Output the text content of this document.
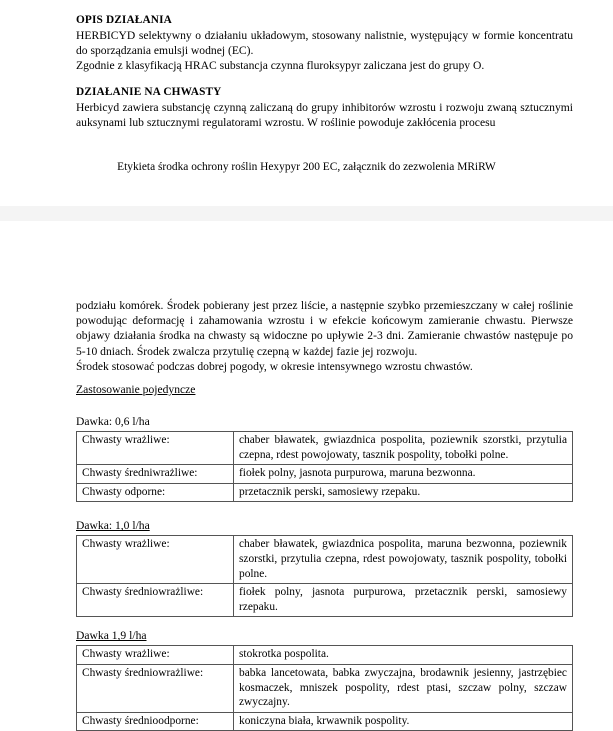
OPIS DZIAŁANIA

HERBICYD selektywny o działaniu układowym, stosowany nalistnie, występujący w formie koncentratu do sporządzania emulsji wodnej (EC).

Zgodnie z klasyfikacją HRAC substancja czynna fluroksypyr zaliczana jest do grupy O.

DZIAŁANIE NA CHWASTY

Herbicyd zawiera substancję czynną zaliczaną do grupy inhibitorów wzrostu i rozwoju zwaną sztucznymi auksynami lub sztucznymi regulatorami wzrostu. W roślinie powoduje zakłócenia procesu

Etykieta środka ochrony roślin Hexypyr 200 EC, załącznik do zezwolenia MRiRW

podziału komórek. Środek pobierany jest przez liście, a następnie szybko przemieszczany w całej roślinie powodując deformację i zahamowania wzrostu i w efekcie końcowym zamieranie chwastu. Pierwsze objawy działania środka na chwasty są widoczne po upływie 2-3 dni. Zamieranie chwastów następuje po 5-10 dniach. Środek zwalcza przytulię czepną w każdej fazie jej rozwoju.

Środek stosować podczas dobrej pogody, w okresie intensywnego wzrostu chwastów.

Zastosowanie pojedyncze
Dawka: 0,6 l/ha
Chwasty wrażliwe:	chaber bławatek, gwiazdnica pospolita, poziewnik szorstki, przytulia czepna, rdest powojowaty, tasznik pospolity, tobołki polne.
Chwasty średniwrażliwe:	fiołek polny, jasnota purpurowa, maruna bezwonna.
Chwasty odporne:	przetacznik perski, samosiewy rzepaku.
Dawka: 1,0 l/ha
Chwasty wrażliwe:	chaber bławatek, gwiazdnica pospolita, maruna bezwonna, poziewnik szorstki, przytulia czepna, rdest powojowaty, tasznik pospolity, tobołki polne.
Chwasty średniowrażliwe:	fiołek polny, jasnota purpurowa, przetacznik perski, samosiewy rzepaku.
Dawka 1,9 l/ha
Chwasty wrażliwe:	stokrotka pospolita.
Chwasty średniowrażliwe:	babka lancetowata, babka zwyczajna, brodawnik jesienny, jastrzębiec kosmaczek, mniszek pospolity, rdest ptasi, szczaw polny, szczaw zwyczajny.
Chwasty średnioodporne:	koniczyna biała, krwawnik pospolity.
